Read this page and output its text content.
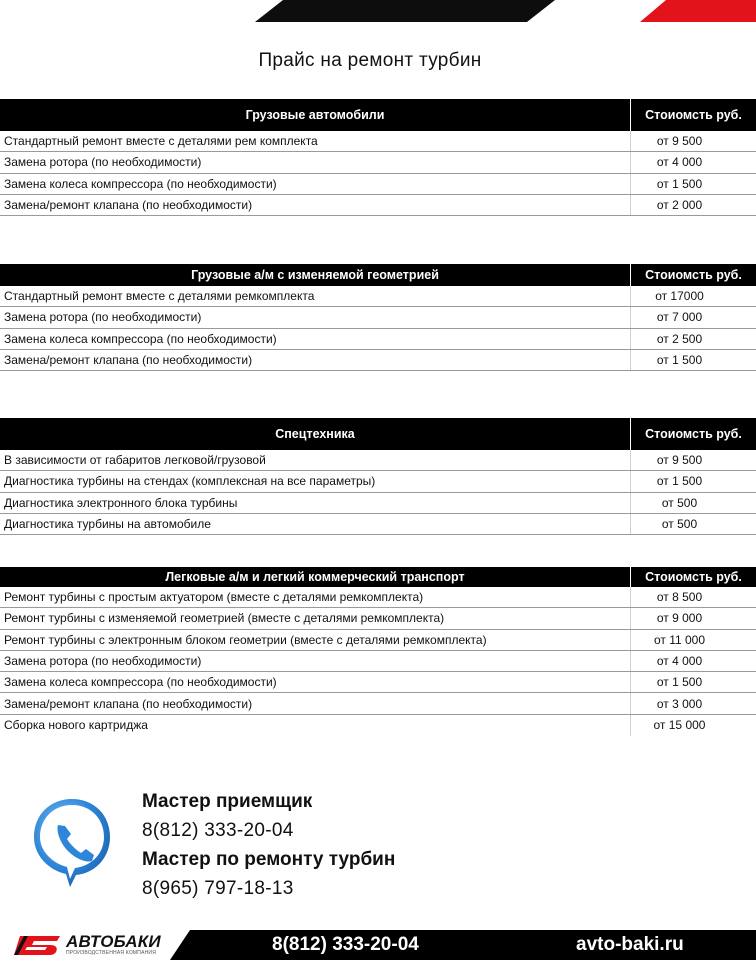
Прайс на ремонт турбин
Грузовые автомобили	Стоиомсть руб.
Стандартный ремонт вместе с деталями рем комплекта	от 9 500
Замена ротора (по необходимости)	от 4 000
Замена колеса компрессора (по необходимости)	от 1 500
Замена/ремонт клапана (по необходимости)	от 2 000
Грузовые а/м с изменяемой геометрией	Стоиомсть руб.
Стандартный ремонт вместе с деталями ремкомплекта	от 17000
Замена ротора (по необходимости)	от 7 000
Замена колеса компрессора (по необходимости)	от 2 500
Замена/ремонт клапана (по необходимости)	от 1 500
Спецтехника	Стоиомсть руб.
В зависимости от габаритов легковой/грузовой	от 9 500
Диагностика турбины на стендах (комплексная на все параметры)	от 1 500
Диагностика электронного блока турбины	от 500
Диагностика турбины на автомобиле	от 500
Легковые а/м и легкий коммерческий транспорт	Стоиомсть руб.
Ремонт турбины с простым актуатором (вместе с деталями ремкомплекта)	от 8 500
Ремонт турбины с изменяемой геометрией (вместе с деталями ремкомплекта)	от 9 000
Ремонт турбины с электронным блоком геометрии (вместе с деталями ремкомплекта)	от 11 000
Замена ротора (по необходимости)	от 4 000
Замена колеса компрессора (по необходимости)	от 1 500
Замена/ремонт клапана (по необходимости)	от 3 000
Сборка нового картриджа	от 15 000
Мастер приемщик
8(812) 333-20-04
Мастер по ремонту турбин
8(965) 797-18-13
АВТОБАКИ
ПРОИЗВОДСТВЕННАЯ КОМПАНИЯ	8(812) 333-20-04	avto-baki.ru
